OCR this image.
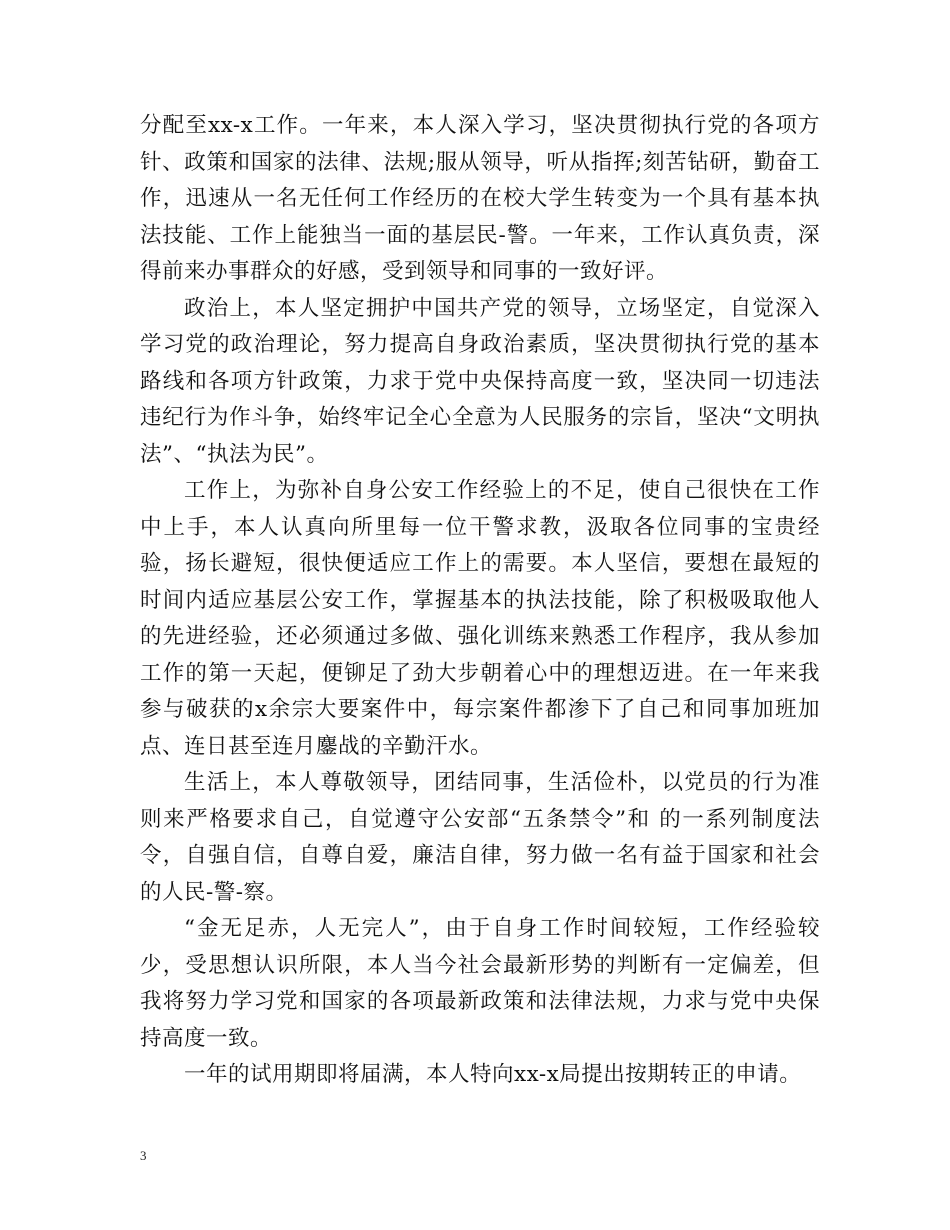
分配至xx-x工作。一年来，本人深入学习，坚决贯彻执行党的各项方针、政策和国家的法律、法规;服从领导，听从指挥;刻苦钻研，勤奋工作，迅速从一名无任何工作经历的在校大学生转变为一个具有基本执法技能、工作上能独当一面的基层民-警。一年来，工作认真负责，深得前来办事群众的好感，受到领导和同事的一致好评。

政治上，本人坚定拥护中国共产党的领导，立场坚定，自觉深入学习党的政治理论，努力提高自身政治素质，坚决贯彻执行党的基本路线和各项方针政策，力求于党中央保持高度一致，坚决同一切违法违纪行为作斗争，始终牢记全心全意为人民服务的宗旨，坚决“文明执法”、“执法为民”。

工作上，为弥补自身公安工作经验上的不足，使自己很快在工作中上手，本人认真向所里每一位干警求教，汲取各位同事的宝贵经验，扬长避短，很快便适应工作上的需要。本人坚信，要想在最短的时间内适应基层公安工作，掌握基本的执法技能，除了积极吸取他人的先进经验，还必须通过多做、强化训练来熟悉工作程序，我从参加工作的第一天起，便铆足了劲大步朝着心中的理想迈进。在一年来我参与破获的x余宗大要案件中，每宗案件都渗下了自己和同事加班加点、连日甚至连月鏖战的辛勤汗水。

生活上，本人尊敬领导，团结同事，生活俭朴，以党员的行为准则来严格要求自己，自觉遵守公安部“五条禁令”和 的一系列制度法令，自强自信，自尊自爱，廉洁自律，努力做一名有益于国家和社会的人民-警-察。

“金无足赤，人无完人”，由于自身工作时间较短，工作经验较少，受思想认识所限，本人当今社会最新形势的判断有一定偏差，但我将努力学习党和国家的各项最新政策和法律法规，力求与党中央保持高度一致。

一年的试用期即将届满，本人特向xx-x局提出按期转正的申请。

3
